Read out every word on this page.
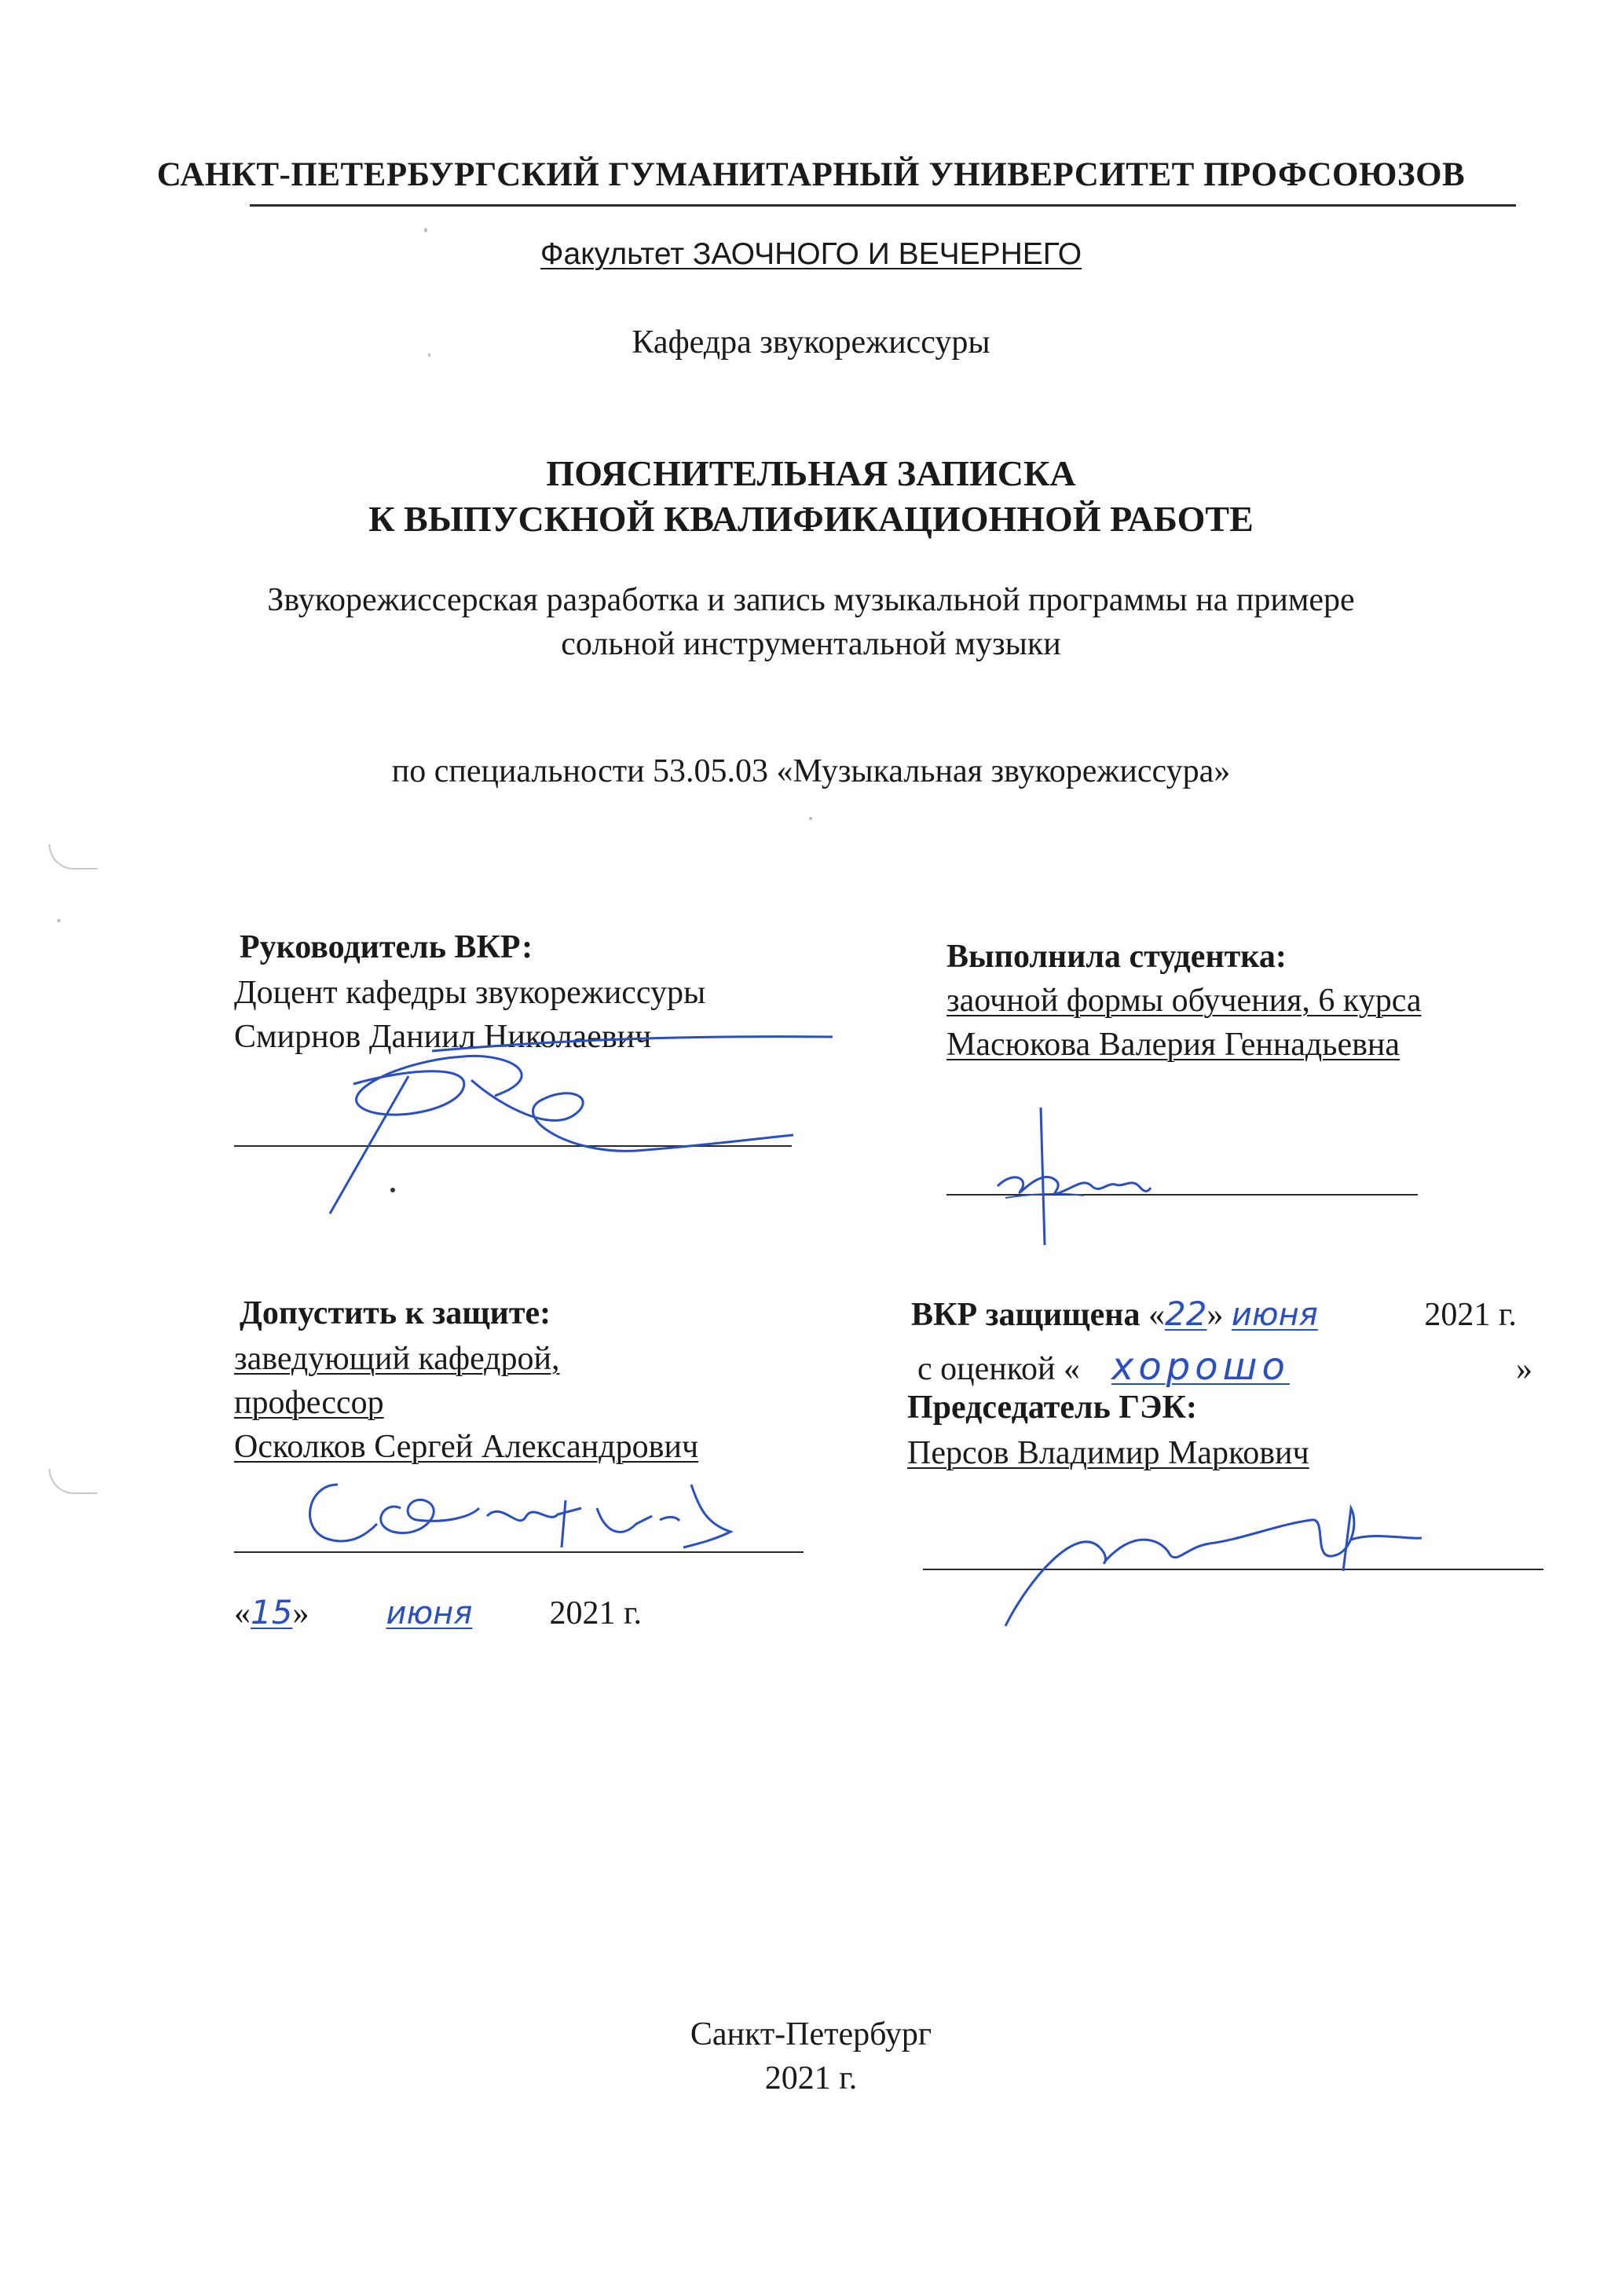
САНКТ-ПЕТЕРБУРГСКИЙ ГУМАНИТАРНЫЙ УНИВЕРСИТЕТ ПРОФСОЮЗОВ
Факультет ЗАОЧНОГО И ВЕЧЕРНЕГО
Кафедра звукорежиссуры
ПОЯСНИТЕЛЬНАЯ ЗАПИСКА
К ВЫПУСКНОЙ КВАЛИФИКАЦИОННОЙ РАБОТЕ
Звукорежиссерская разработка и запись музыкальной программы на примере
сольной инструментальной музыки
по специальности 53.05.03 «Музыкальная звукорежиссура»
Руководитель ВКР:
Доцент кафедры звукорежиссуры
Смирнов Даниил Николаевич
Выполнила студентка:
заочной формы обучения, 6 курса
Масюкова Валерия Геннадьевна
Допустить к защите:
заведующий кафедрой,
профессор
Осколков Сергей Александрович
«15» июня 2021 г.
ВКР защищена «22» июня	2021 г.
с оценкой « хорошо	»
Председатель ГЭК:
Персов Владимир Маркович
Санкт-Петербург
2021 г.
